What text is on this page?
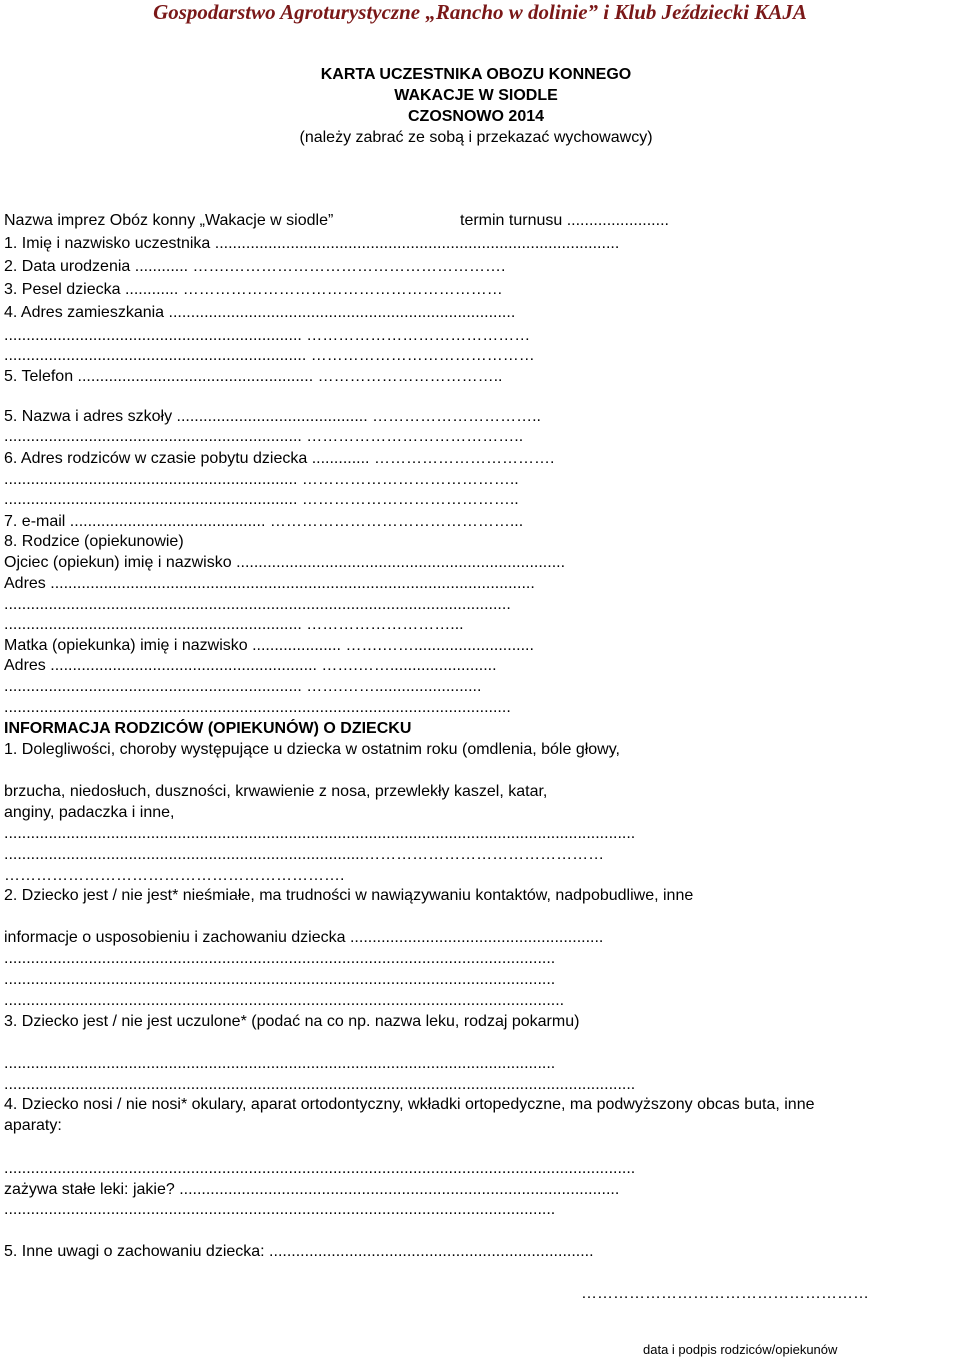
Gospodarstwo Agroturystyczne „Rancho w dolinie” i Klub Jeździecki KAJA
KARTA UCZESTNIKA OBOZU KONNEGO
WAKACJE W SIODLE
CZOSNOWO 2014
(należy zabrać ze sobą i przekazać wychowawcy)
Nazwa imprez Obóz konny „Wakacje w siodle”	termin turnusu .......................
1. Imię i nazwisko uczestnika ...........................................................................................
2. Data urodzenia ............ …….…………………………………………….
3. Pesel dziecka ............ ……………………………………………………
4. Adres zamieszkania ..............................................................................
................................................................... ……………………………………
.................................................................... ……………………………………
5. Telefon ..................................................... ……………………………..
5. Nazwa i adres szkoły ........................................... …………………………..
................................................................... …………………………………..
6. Adres rodziców w czasie pobytu dziecka ............. …………………………….
.................................................................. …………………………………..
.................................................................. …………………………………..
7. e-mail ............................................ ………………………………………...
8. Rodzice (opiekunowie)
Ojciec (opiekun) imię i nazwisko ..........................................................................
Adres .............................................................................................................
..................................................................................................................
................................................................... ………………………...
Matka (opiekunka) imię i nazwisko .................... …….……...........................
Adres ............................................................ …….……........................
................................................................... …….……........................
..................................................................................................................
INFORMACJA RODZICÓW (OPIEKUNÓW) O DZIECKU
1. Dolegliwości, choroby występujące u dziecka w ostatnim roku (omdlenia, bóle głowy,
brzucha, niedosłuch, duszności, krwawienie z nosa, przewlekły kaszel, katar,
anginy, padaczka i inne,
..............................................................................................................................................
.................................................................................………………………………………
……………………………………………………….
2. Dziecko jest / nie jest* nieśmiałe, ma trudności w nawiązywaniu kontaktów, nadpobudliwe, inne
informacje o usposobieniu i zachowaniu dziecka .........................................................
............................................................................................................................
............................................................................................................................
..............................................................................................................................
3. Dziecko jest / nie jest uczulone* (podać na co np. nazwa leku, rodzaj pokarmu)
............................................................................................................................
..............................................................................................................................................
4. Dziecko nosi / nie nosi* okulary, aparat ortodontyczny, wkładki ortopedyczne, ma podwyższony obcas buta, inne
aparaty:
..............................................................................................................................................
zażywa stałe leki: jakie? ...................................................................................................
............................................................................................................................
5. Inne uwagi o zachowaniu dziecka: .........................................................................
………………………………………………
data i podpis rodziców/opiekunów
